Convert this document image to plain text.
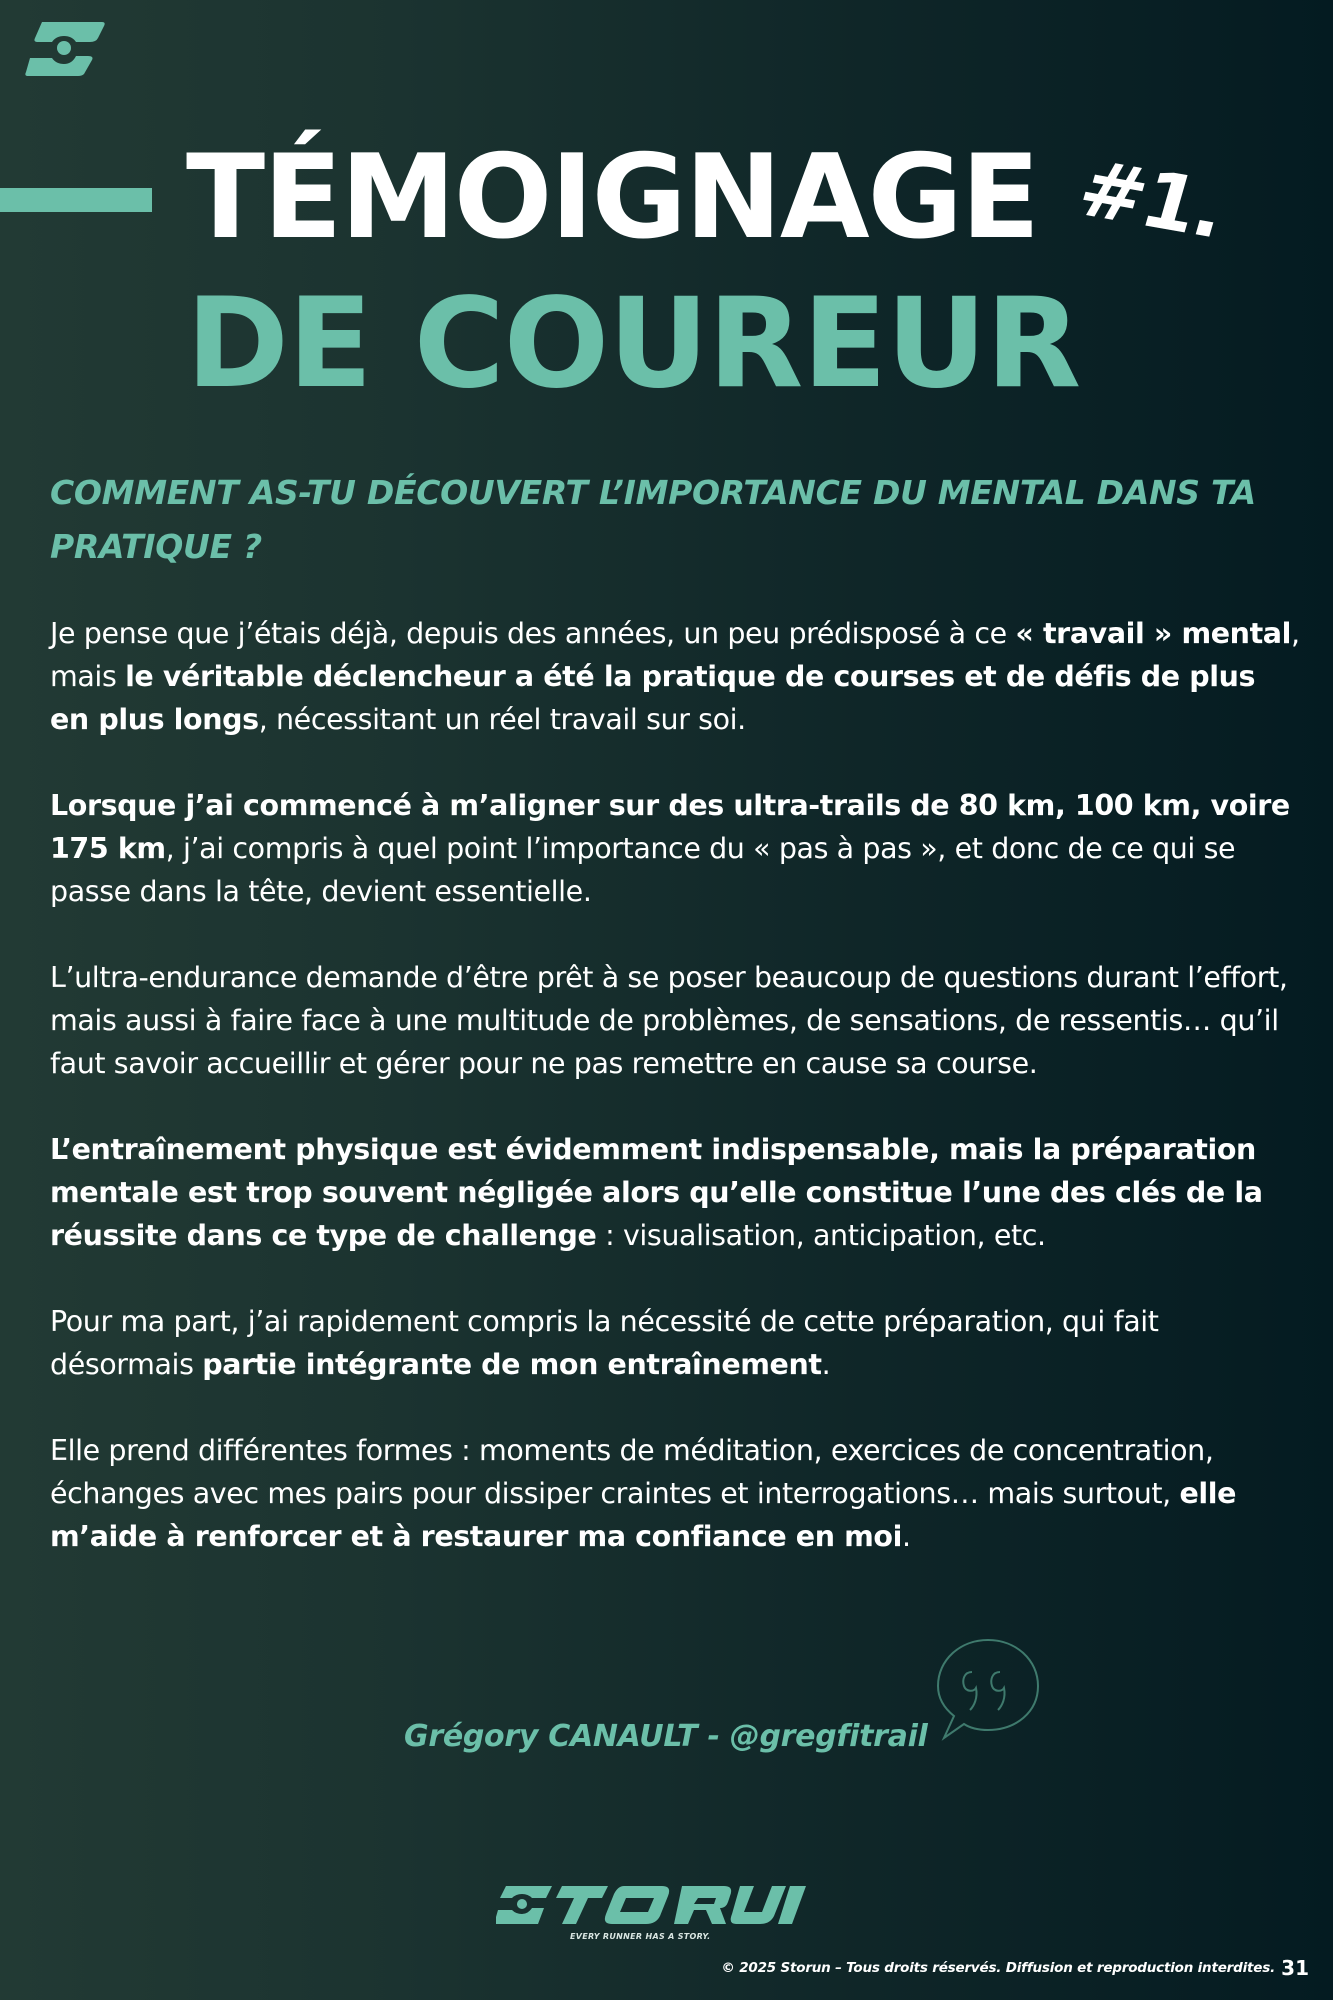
TÉMOIGNAGE #1.
DE COUREUR
COMMENT AS-TU DÉCOUVERT L’IMPORTANCE DU MENTAL DANS TA PRATIQUE ?

Je pense que j’étais déjà, depuis des années, un peu prédisposé à ce « travail » mental, mais le véritable déclencheur a été la pratique de courses et de défis de plus en plus longs, nécessitant un réel travail sur soi.

Lorsque j’ai commencé à m’aligner sur des ultra-trails de 80 km, 100 km, voire 175 km, j’ai compris à quel point l’importance du « pas à pas », et donc de ce qui se passe dans la tête, devient essentielle.

L’ultra-endurance demande d’être prêt à se poser beaucoup de questions durant l’effort, mais aussi à faire face à une multitude de problèmes, de sensations, de ressentis… qu’il faut savoir accueillir et gérer pour ne pas remettre en cause sa course.

L’entraînement physique est évidemment indispensable, mais la préparation mentale est trop souvent négligée alors qu’elle constitue l’une des clés de la réussite dans ce type de challenge : visualisation, anticipation, etc.

Pour ma part, j’ai rapidement compris la nécessité de cette préparation, qui fait désormais partie intégrante de mon entraînement.

Elle prend différentes formes : moments de méditation, exercices de concentration, échanges avec mes pairs pour dissiper craintes et interrogations… mais surtout, elle m’aide à renforcer et à restaurer ma confiance en moi.

Grégory CANAULT - @gregfitrail
EVERY RUNNER HAS A STORY.
© 2025 Storun – Tous droits réservés. Diffusion et reproduction interdites. 31
